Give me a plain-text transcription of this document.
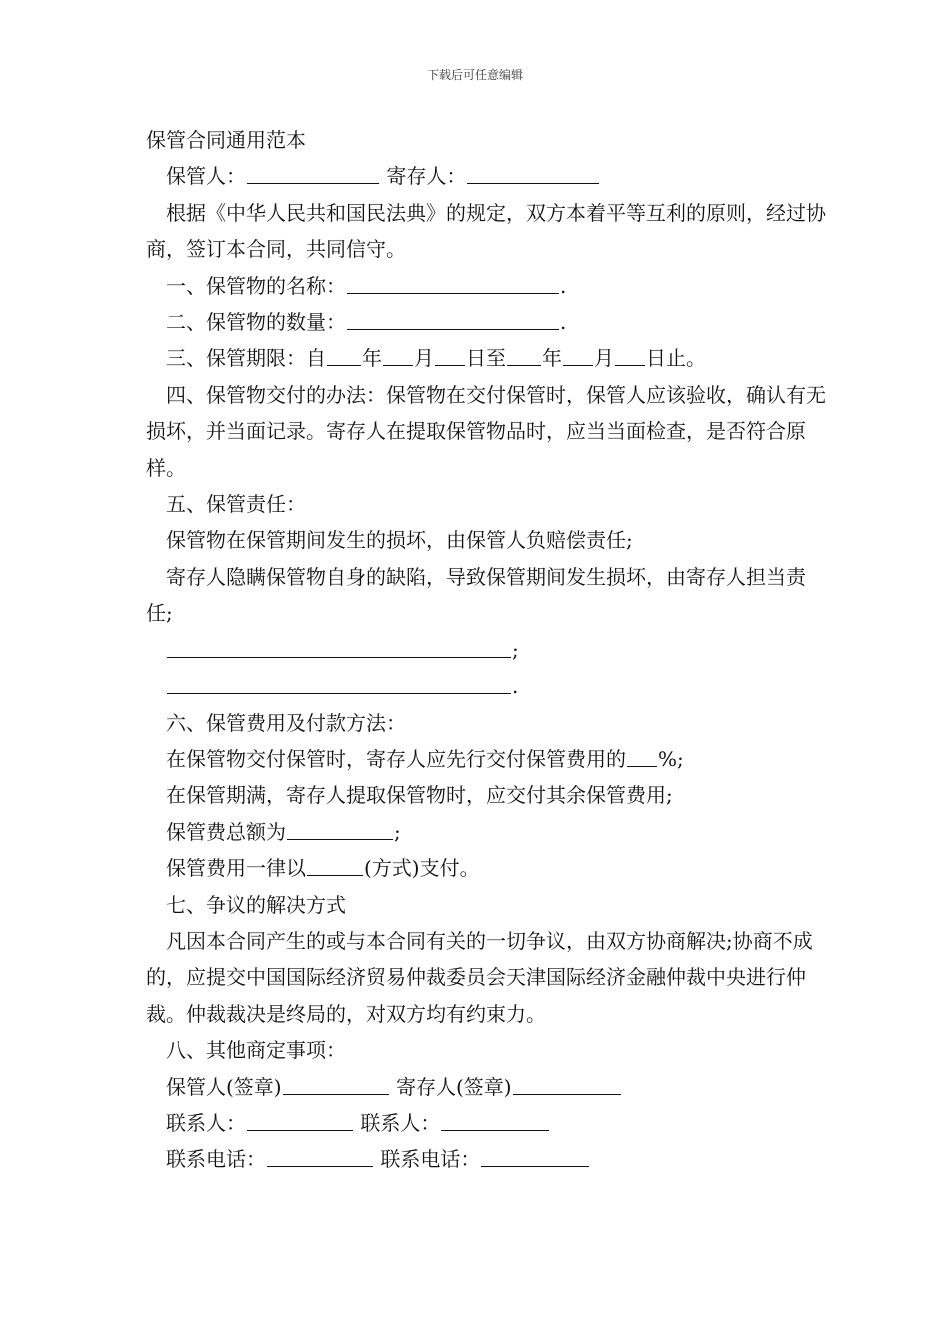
下载后可任意编辑

保管合同通用范本

保管人：	寄存人：

根据《中华人民共和国民法典》的规定，双方本着平等互利的原则，经过协商，签订本合同，共同信守。

一、保管物的名称：	.

二、保管物的数量：	.

三、保管期限：自 年 月 日至 年 月 日止。

四、保管物交付的办法：保管物在交付保管时，保管人应该验收，确认有无损坏，并当面记录。寄存人在提取保管物品时，应当当面检查，是否符合原样。

五、保管责任：

保管物在保管期间发生的损坏，由保管人负赔偿责任;

寄存人隐瞒保管物自身的缺陷，导致保管期间发生损坏，由寄存人担当责任;

;

.

六、保管费用及付款方法：

在保管物交付保管时，寄存人应先行交付保管费用的 %;

在保管期满，寄存人提取保管物时，应交付其余保管费用;

保管费总额为	;

保管费用一律以	(方式)支付。

七、争议的解决方式

凡因本合同产生的或与本合同有关的一切争议，由双方协商解决;协商不成的，应提交中国国际经济贸易仲裁委员会天津国际经济金融仲裁中央进行仲裁。仲裁裁决是终局的，对双方均有约束力。

八、其他商定事项：

保管人(签章)	寄存人(签章)

联系人：	联系人：

联系电话：	联系电话：
